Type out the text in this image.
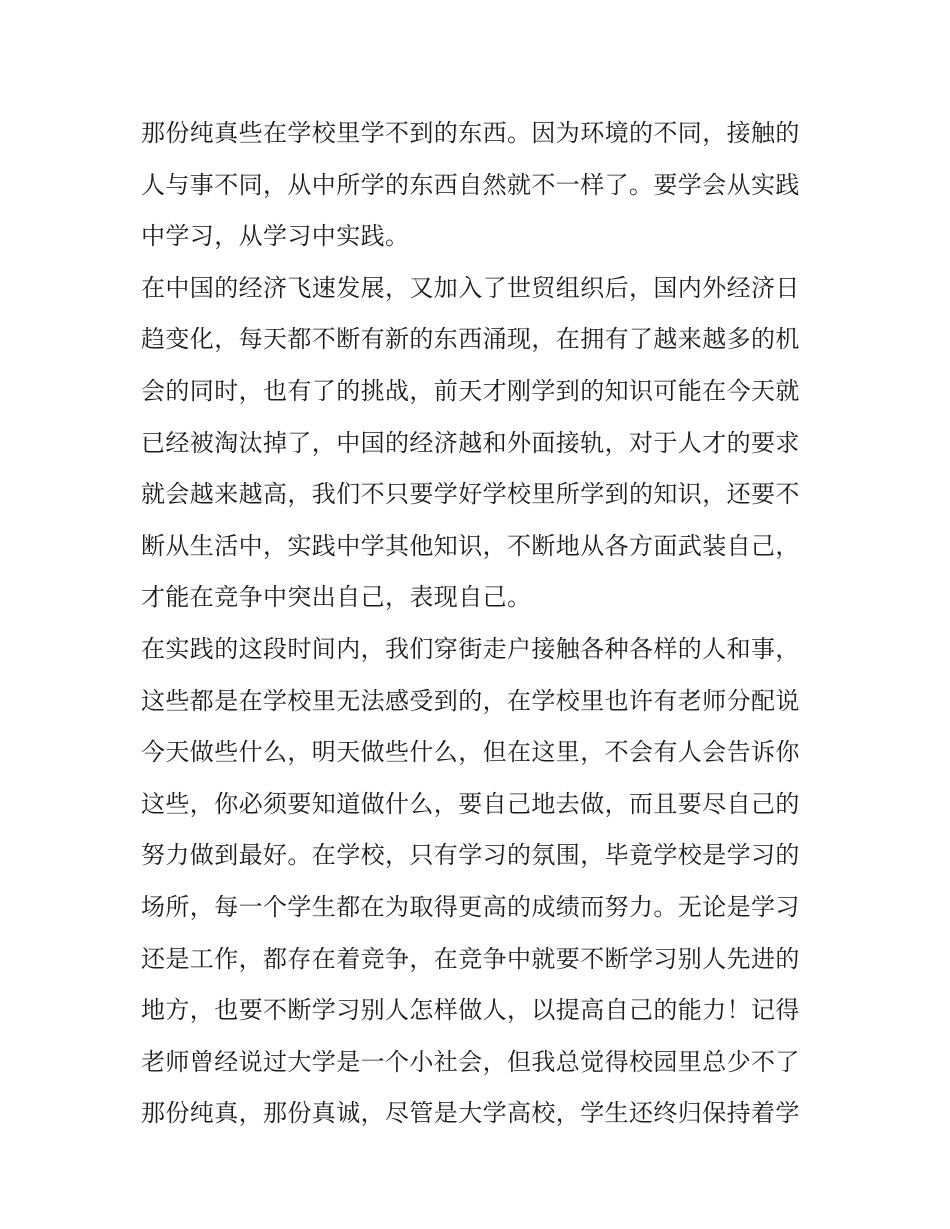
那份纯真些在学校里学不到的东西。因为环境的不同，接触的
人与事不同，从中所学的东西自然就不一样了。要学会从实践
中学习，从学习中实践。
在中国的经济飞速发展，又加入了世贸组织后，国内外经济日
趋变化，每天都不断有新的东西涌现，在拥有了越来越多的机
会的同时，也有了的挑战，前天才刚学到的知识可能在今天就
已经被淘汰掉了，中国的经济越和外面接轨，对于人才的要求
就会越来越高，我们不只要学好学校里所学到的知识，还要不
断从生活中，实践中学其他知识，不断地从各方面武装自己，
才能在竞争中突出自己，表现自己。
在实践的这段时间内，我们穿街走户接触各种各样的人和事，
这些都是在学校里无法感受到的，在学校里也许有老师分配说
今天做些什么，明天做些什么，但在这里，不会有人会告诉你
这些，你必须要知道做什么，要自己地去做，而且要尽自己的
努力做到最好。在学校，只有学习的氛围，毕竟学校是学习的
场所，每一个学生都在为取得更高的成绩而努力。无论是学习
还是工作，都存在着竞争，在竞争中就要不断学习别人先进的
地方，也要不断学习别人怎样做人，以提高自己的能力！记得
老师曾经说过大学是一个小社会，但我总觉得校园里总少不了
那份纯真，那份真诚，尽管是大学高校，学生还终归保持着学
